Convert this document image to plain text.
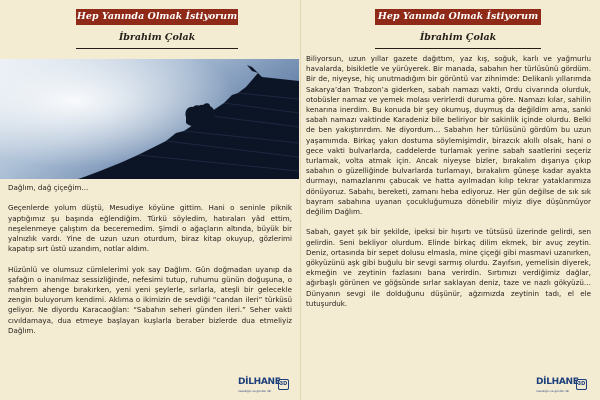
Hep Yanında Olmak İstiyorum
İbrahim Çolak

Dağlım, dağ çiçeğim…

Geçenlerde yolum düştü, Mesudiye köyüne gittim. Hani o seninle piknik yaptığımız şu başında eğlendiğim. Türkü söyledim, hatıraları yâd ettim, neşelenmeye çalıştım da beceremedim. Şimdi o ağaçların altında, büyük bir yalnızlık vardı. Yine de uzun uzun oturdum, biraz kitap okuyup, gözlerimi kapatıp sırt üstü uzandım, notlar aldım.

Hüzünlü ve olumsuz cümlelerimi yok say Dağlım. Gün doğmadan uyanıp da şafağın o inanılmaz sessizliğinde, nefesimi tutup, ruhumu günün doğuşuna, o mahrem ahenge bırakırken, yeni yeni şeylerle, sırlarla, ateşli bir gelecekle zengin buluyorum kendimi. Aklıma o ikimizin de sevdiği “candan ileri” türküsü geliyor. Ne diyordu Karacaoğlan: “Sabahın seheri günden ileri.” Seher vakti cıvıldamaya, dua etmeye başlayan kuşlarla beraber bizlerde dua etmeliyiz Dağlım.

DİLHANE
insanlığın ve gönlün dili
3D
Hep Yanında Olmak İstiyorum
İbrahim Çolak

Biliyorsun, uzun yıllar gazete dağıttım, yaz kış, soğuk, karlı ve yağmurlu havalarda, bisikletle ve yürüyerek. Bir manada, sabahın her türlüsünü gördüm. Bir de, niyeyse, hiç unutmadığım bir görüntü var zihnimde: Delikanlı yıllarımda Sakarya’dan Trabzon’a giderken, sabah namazı vakti, Ordu civarında olurduk, otobüsler namaz ve yemek molası verirlerdi duruma göre. Namazı kılar, sahilin kenarına inerdim. Bu konuda bir şey okumuş, duymuş da değildim ama, sanki sabah namazı vaktinde Karadeniz bile beliriyor bir sakinlik içinde olurdu. Belki de ben yakıştırırdım. Ne diyordum… Sabahın her türlüsünü gördüm bu uzun yaşamımda. Birkaç yakın dostuma söylemişimdir, birazcık akıllı olsak, hani o gece vakti bulvarlarda, caddelerde turlamak yerine sabah saatlerini seçeriz turlamak, volta atmak için. Ancak niyeyse bizler, bırakalım dışarıya çıkıp sabahın o güzelliğinde bulvarlarda turlamayı, bırakalım güneşe kadar ayakta durmayı, namazlarımı çabucak ve hatta ayılmadan kılıp tekrar yataklarımıza dönüyoruz. Sabahı, bereketi, zamanı heba ediyoruz. Her gün değilse de sık sık bayram sabahına uyanan çocukluğumuza dönebilir miyiz diye düşünmüyor değilim Dağlım.

Sabah, gayet şık bir şekilde, ipeksi bir hışırtı ve tütsüsü üzerinde gelirdi, sen gelirdin. Seni bekliyor olurdum. Elinde birkaç dilim ekmek, bir avuç zeytin. Deniz, ortasında bir sepet dolusu elmasla, mine çiçeği gibi masmavi uzanırken, gökyüzünü aşk gibi buğulu bir sevgi sarmış olurdu. Zayıfsın, yemelisin diyerek, ekmeğin ve zeytinin fazlasını bana verirdin. Sırtımızı verdiğimiz dağlar, ağırbaşlı görünen ve göğsünde sırlar saklayan deniz, taze ve nazlı gökyüzü… Dünyanın sevgi ile dolduğunu düşünür, ağzımızda zeytinin tadı, el ele tutuşurduk.

DİLHANE
insanlığın ve gönlün dili
3D
